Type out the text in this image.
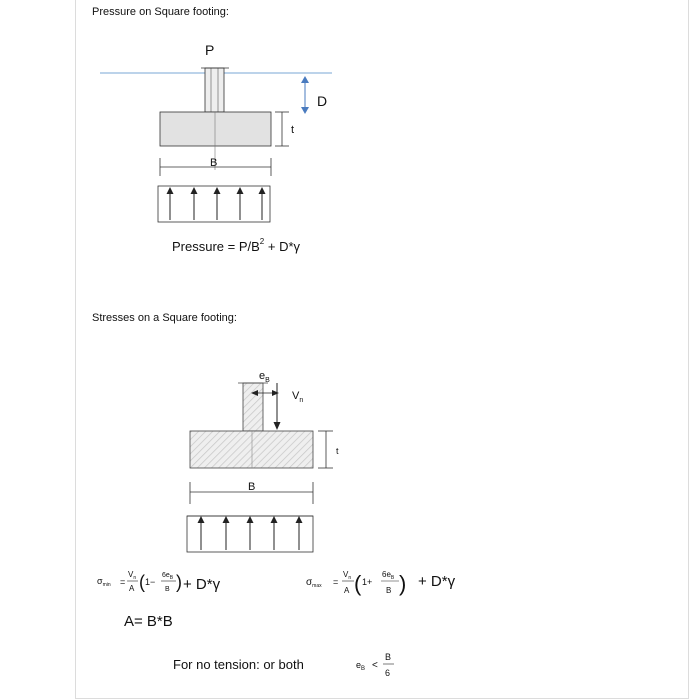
Pressure on Square footing:
Stresses on a Square footing:
P
t
D
B
$e_B$
$V_n$
t
B
Pressure = $P/B^2 + D*\gamma$
$\sigma_{min}$ =
$V_n$
A ( 1−
$6e_B$
B ) + D*γ	$\sigma_{max}$ =
$V_n$
A ( 1+
$6e_B$
B ) + D*γ
A= B*B
For no tension: or both	$e_B$ <
B
6
